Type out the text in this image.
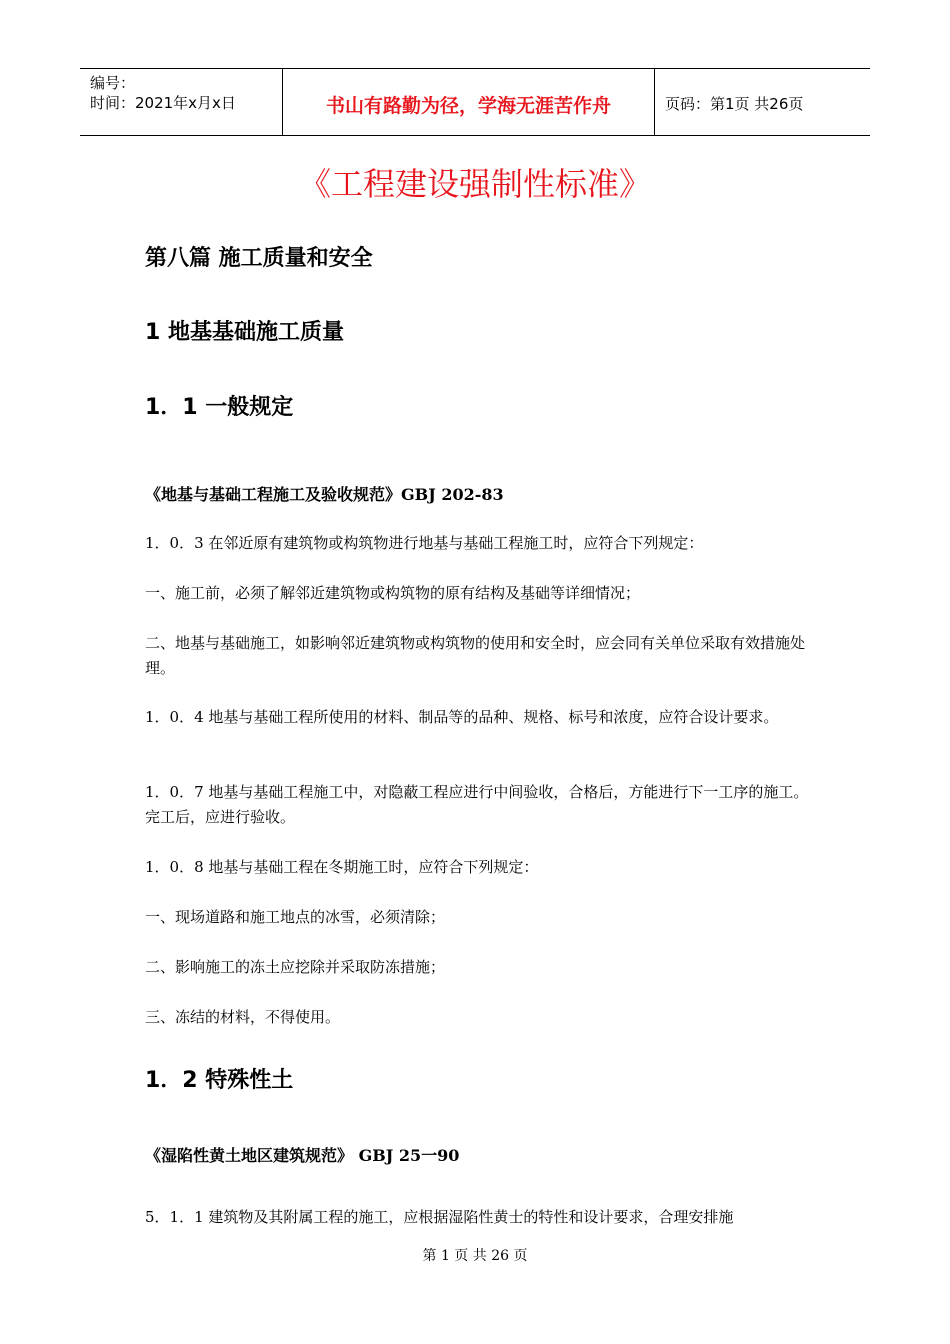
编号：
时间：2021年x月x日	书山有路勤为径，学海无涯苦作舟	页码：第1页 共26页
《工程建设强制性标准》
第八篇 施工质量和安全
1 地基基础施工质量
1．1 一般规定
《地基与基础工程施工及验收规范》GBJ 202-83
1．0．3 在邻近原有建筑物或构筑物进行地基与基础工程施工时，应符合下列规定：
一、施工前，必须了解邻近建筑物或构筑物的原有结构及基础等详细情况；
二、地基与基础施工，如影响邻近建筑物或构筑物的使用和安全时，应会同有关单位采取有效措施处理。
1．0．4 地基与基础工程所使用的材料、制品等的品种、规格、标号和浓度，应符合设计要求。
1．0．7 地基与基础工程施工中，对隐蔽工程应进行中间验收，合格后，方能进行下一工序的施工。完工后，应进行验收。
1．0．8 地基与基础工程在冬期施工时，应符合下列规定：
一、现场道路和施工地点的冰雪，必须清除；
二、影响施工的冻土应挖除并采取防冻措施；
三、冻结的材料，不得使用。
1．2 特殊性土
《湿陷性黄土地区建筑规范》 GBJ 25一90
5．1．1 建筑物及其附属工程的施工，应根据湿陷性黄士的特性和设计要求，合理安排施
第 1 页 共 26 页
